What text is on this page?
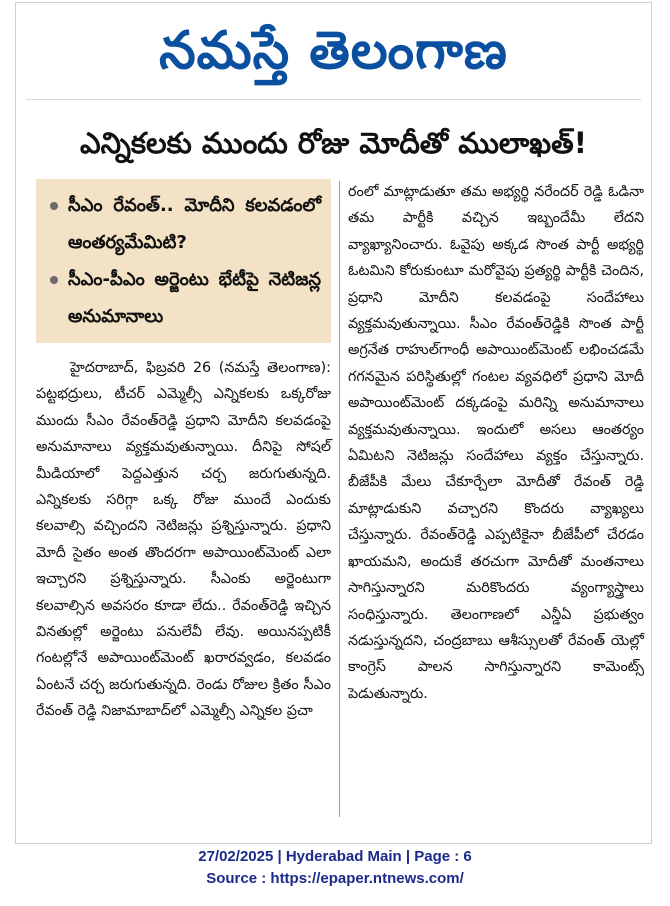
నమస్తే తెలంగాణ
ఎన్నికలకు ముందు రోజు మోదీతో ములాఖత్!
సీఎం రేవంత్.. మోదీని కలవడంలో ఆంతర్యమేమిటి?
సీఎం-పీఎం అర్జెంటు భేటీపై నెటిజన్ల అనుమానాలు
హైదరాబాద్, ఫిబ్రవరి 26 (నమస్తే తెలంగాణ): పట్టభద్రులు, టీచర్ ఎమ్మెల్సీ ఎన్నికలకు ఒక్కరోజు ముందు సీఎం రేవంత్‌రెడ్డి ప్రధాని మోదీని కలవడంపై అనుమానాలు వ్యక్తమవుతున్నాయి. దీనిపై సోషల్ మీడియాలో పెద్దఎత్తున చర్చ జరుగుతున్నది. ఎన్నికలకు సరిగ్గా ఒక్క రోజు ముందే ఎందుకు కలవాల్సి వచ్చిందని నెటిజన్లు ప్రశ్నిస్తున్నారు. ప్రధాని మోదీ సైతం అంత తొందరగా అపాయింట్‌మెంట్ ఎలా ఇచ్చారని ప్రశ్నిస్తున్నారు. సీఎంకు అర్జెంటుగా కలవాల్సిన అవసరం కూడా లేదు.. రేవంత్‌రెడ్డి ఇచ్చిన వినతుల్లో అర్జెంటు పనులేవీ లేవు. అయినప్పటికీ గంటల్లోనే అపాయింట్‌మెంట్ ఖరారవ్వడం, కలవడం ఏంటనే చర్చ జరుగుతున్నది. రెండు రోజుల క్రితం సీఎం రేవంత్ రెడ్డి నిజామాబాద్‌లో ఎమ్మెల్సీ ఎన్నికల ప్రచా
రంలో మాట్లాడుతూ తమ అభ్యర్థి నరేందర్ రెడ్డి ఓడినా తమ పార్టీకి వచ్చిన ఇబ్బందేమీ లేదని వ్యాఖ్యానించారు. ఓవైపు అక్కడ సొంత పార్టీ అభ్యర్థి ఓటమిని కోరుకుంటూ మరోవైపు ప్రత్యర్థి పార్టీకి చెందిన, ప్రధాని మోదీని కలవడంపై సందేహాలు వ్యక్తమవుతున్నాయి. సీఎం రేవంత్‌రెడ్డికి సొంత పార్టీ అగ్రనేత రాహుల్‌గాంధీ అపాయింట్‌మెంట్ లభించడమే గగనమైన పరిస్థితుల్లో గంటల వ్యవధిలో ప్రధాని మోదీ అపాయింట్‌మెంట్ దక్కడంపై మరిన్ని అనుమానాలు వ్యక్తమవుతున్నాయి. ఇందులో అసలు ఆంతర్యం ఏమిటని నెటిజన్లు సందేహాలు వ్యక్తం చేస్తున్నారు. బీజేపీకి మేలు చేకూర్చేలా మోదీతో రేవంత్ రెడ్డి మాట్లాడుకుని వచ్చారని కొందరు వ్యాఖ్యలు చేస్తున్నారు. రేవంత్‌రెడ్డి ఎప్పటికైనా బీజేపీలో చేరడం ఖాయమని, అందుకే తరచుగా మోదీతో మంతనాలు సాగిస్తున్నారని మరికొందరు వ్యంగ్యాస్త్రాలు సంధిస్తున్నారు. తెలంగాణలో ఎన్డీఏ ప్రభుత్వం నడుస్తున్నదని, చంద్రబాబు ఆశీస్సులతో రేవంత్ యెల్లో కాంగ్రెస్ పాలన సాగిస్తున్నారని కామెంట్స్ పెడుతున్నారు.
27/02/2025 | Hyderabad Main | Page : 6
Source : https://epaper.ntnews.com/
